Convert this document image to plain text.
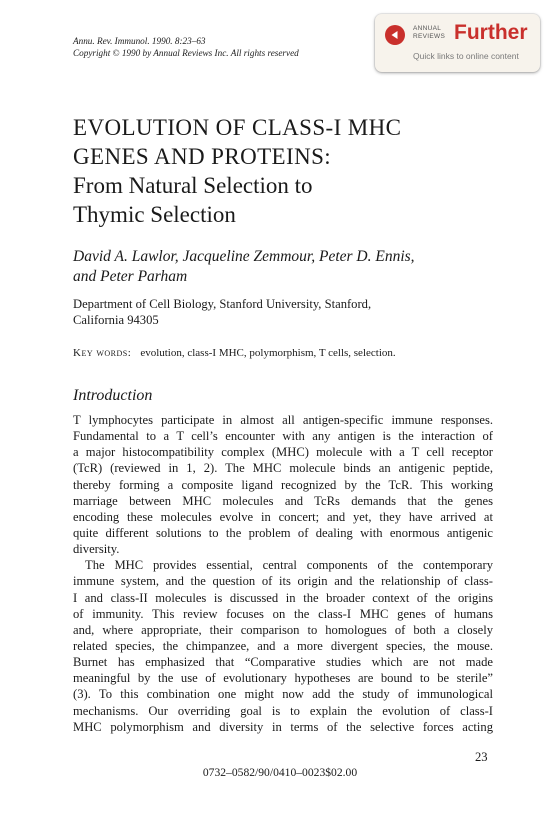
Annu. Rev. Immunol. 1990. 8:23–63
Copyright © 1990 by Annual Reviews Inc. All rights reserved
ANNUAL
REVIEWS Further
Quick links to online content
EVOLUTION OF CLASS-I MHC
GENES AND PROTEINS:
From Natural Selection to
Thymic Selection
David A. Lawlor, Jacqueline Zemmour, Peter D. Ennis,
and Peter Parham
Department of Cell Biology, Stanford University, Stanford,
California 94305
Key words: evolution, class-I MHC, polymorphism, T cells, selection.
Introduction
T lymphocytes participate in almost all antigen-specific immune responses.
Fundamental to a T cell’s encounter with any antigen is the interaction of
a major histocompatibility complex (MHC) molecule with a T cell receptor
(TcR) (reviewed in 1, 2). The MHC molecule binds an antigenic peptide,
thereby forming a composite ligand recognized by the TcR. This working
marriage between MHC molecules and TcRs demands that the genes
encoding these molecules evolve in concert; and yet, they have arrived at
quite different solutions to the problem of dealing with enormous antigenic
diversity.
The MHC provides essential, central components of the contemporary
immune system, and the question of its origin and the relationship of class-
I and class-II molecules is discussed in the broader context of the origins
of immunity. This review focuses on the class-I MHC genes of humans
and, where appropriate, their comparison to homologues of both a closely
related species, the chimpanzee, and a more divergent species, the mouse.
Burnet has emphasized that “Comparative studies which are not made
meaningful by the use of evolutionary hypotheses are bound to be sterile”
(3). To this combination one might now add the study of immunological
mechanisms. Our overriding goal is to explain the evolution of class-I
MHC polymorphism and diversity in terms of the selective forces acting
23
0732–0582/90/0410–0023$02.00
